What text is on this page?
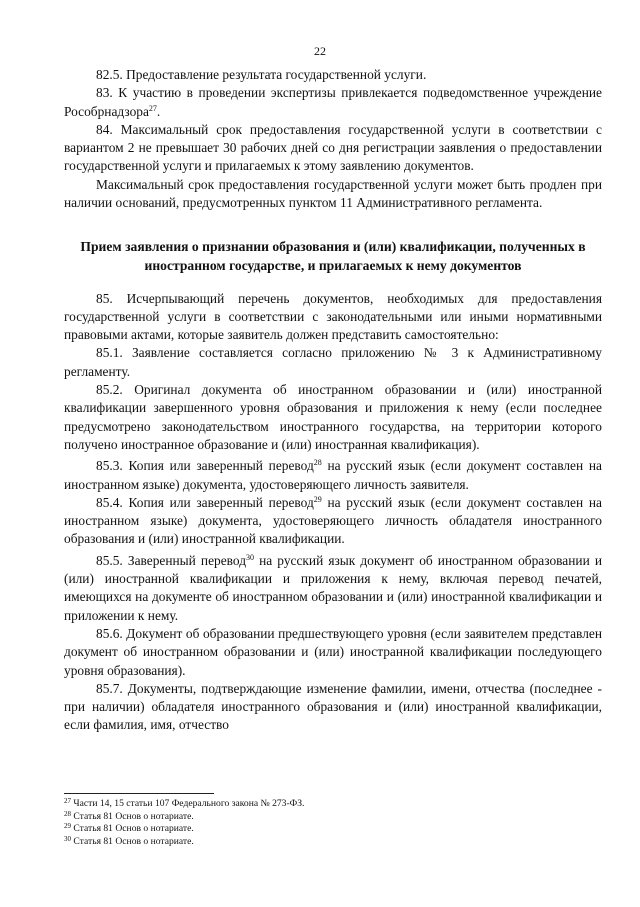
22

82.5. Предоставление результата государственной услуги.

83. К участию в проведении экспертизы привлекается подведомственное учреждение Рособрнадзора$^{27}$.

84. Максимальный срок предоставления государственной услуги в соответствии с вариантом 2 не превышает 30 рабочих дней со дня регистрации заявления о предоставлении государственной услуги и прилагаемых к этому заявлению документов.

Максимальный срок предоставления государственной услуги может быть продлен при наличии оснований, предусмотренных пунктом 11 Административного регламента.

Прием заявления о признании образования и (или) квалификации, полученных в иностранном государстве, и прилагаемых к нему документов

85. Исчерпывающий перечень документов, необходимых для предоставления государственной услуги в соответствии с законодательными или иными нормативными правовыми актами, которые заявитель должен представить самостоятельно:

85.1. Заявление составляется согласно приложению № 3 к Административному регламенту.

85.2. Оригинал документа об иностранном образовании и (или) иностранной квалификации завершенного уровня образования и приложения к нему (если последнее предусмотрено законодательством иностранного государства, на территории которого получено иностранное образование и (или) иностранная квалификация).

85.3. Копия или заверенный перевод$^{28}$ на русский язык (если документ составлен на иностранном языке) документа, удостоверяющего личность заявителя.

85.4. Копия или заверенный перевод$^{29}$ на русский язык (если документ составлен на иностранном языке) документа, удостоверяющего личность обладателя иностранного образования и (или) иностранной квалификации.

85.5. Заверенный перевод$^{30}$ на русский язык документ об иностранном образовании и (или) иностранной квалификации и приложения к нему, включая перевод печатей, имеющихся на документе об иностранном образовании и (или) иностранной квалификации и приложении к нему.

85.6. Документ об образовании предшествующего уровня (если заявителем представлен документ об иностранном образовании и (или) иностранной квалификации последующего уровня образования).

85.7. Документы, подтверждающие изменение фамилии, имени, отчества (последнее - при наличии) обладателя иностранного образования и (или) иностранной квалификации, если фамилия, имя, отчество

$^{27}$ Части 14, 15 статьи 107 Федерального закона № 273-ФЗ.

$^{28}$ Статья 81 Основ о нотариате.

$^{29}$ Статья 81 Основ о нотариате.

$^{30}$ Статья 81 Основ о нотариате.
